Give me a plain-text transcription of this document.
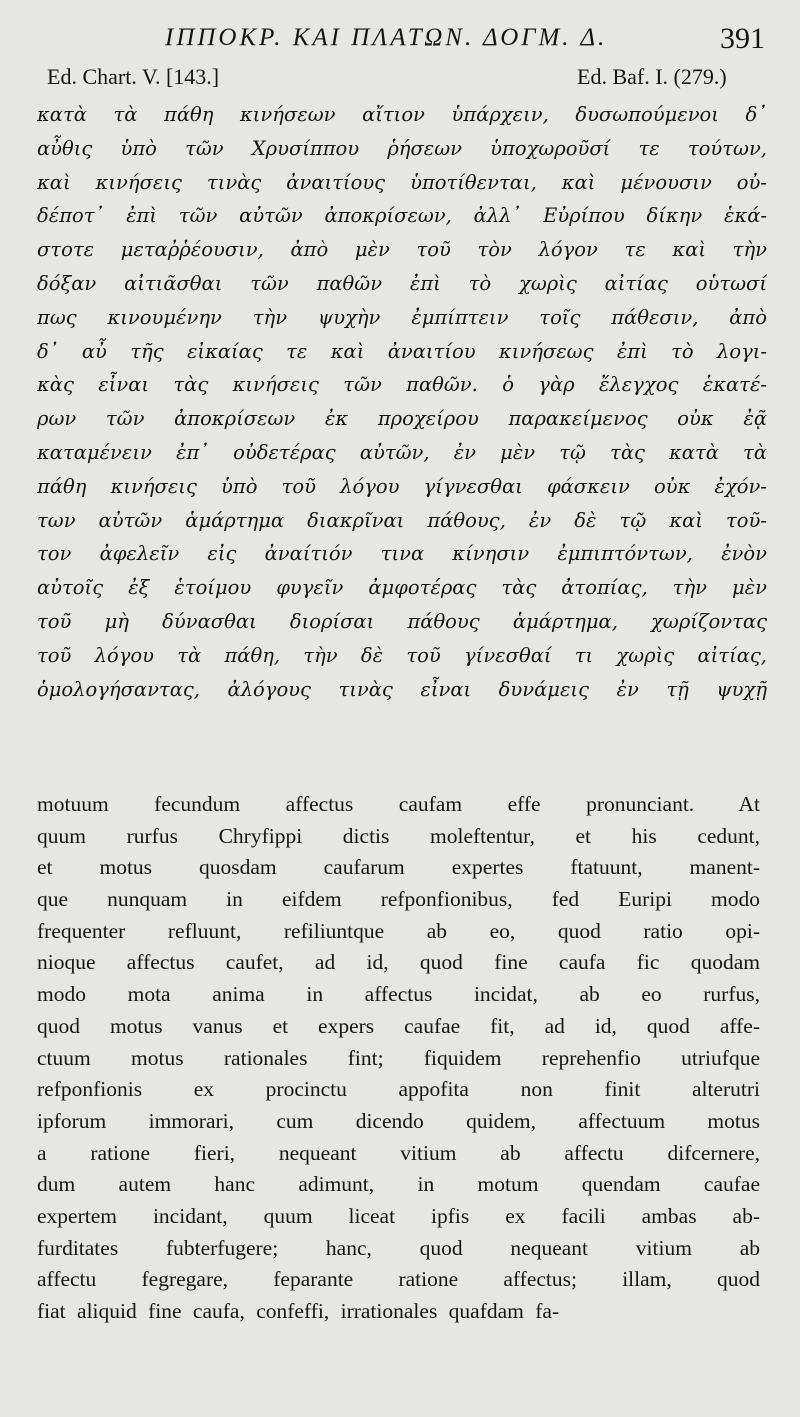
ΙΠΠΟΚΡ. ΚΑΙ ΠΛΑΤΩΝ. ΔΟΓΜ. Δ.	391
Ed. Chart. V. [143.]	Ed. Baf. I. (279.)
κατὰ τὰ πάθη κινήσεων αἴτιον ὑπάρχειν, δυσωπούμενοι δ᾽
αὖθις ὑπὸ τῶν Χρυσίππου ῥήσεων ὑποχωροῦσί τε τούτων,
καὶ κινήσεις τινὰς ἀναιτίους ὑποτίθενται, καὶ μένουσιν οὐ-
δέποτ᾽ ἐπὶ τῶν αὐτῶν ἀποκρίσεων, ἀλλ᾽ Εὐρίπου δίκην ἑκά-
στοτε μεταῤῥέουσιν, ἀπὸ μὲν τοῦ τὸν λόγον τε καὶ τὴν
δόξαν αἰτιᾶσθαι τῶν παθῶν ἐπὶ τὸ χωρὶς αἰτίας οὑτωσί
πως κινουμένην τὴν ψυχὴν ἐμπίπτειν τοῖς πάθεσιν, ἀπὸ
δ᾽ αὖ τῆς εἰκαίας τε καὶ ἀναιτίου κινήσεως ἐπὶ τὸ λογι-
κὰς εἶναι τὰς κινήσεις τῶν παθῶν. ὁ γὰρ ἔλεγχος ἑκατέ-
ρων τῶν ἀποκρίσεων ἐκ προχείρου παρακείμενος οὐκ ἐᾷ
καταμένειν ἐπ᾽ οὐδετέρας αὐτῶν, ἐν μὲν τῷ τὰς κατὰ τὰ
πάθη κινήσεις ὑπὸ τοῦ λόγου γίγνεσθαι φάσκειν οὐκ ἐχόν-
των αὐτῶν ἁμάρτημα διακρῖναι πάθους, ἐν δὲ τῷ καὶ τοῦ-
τον ἀφελεῖν εἰς ἀναίτιόν τινα κίνησιν ἐμπιπτόντων, ἐνὸν
αὐτοῖς ἐξ ἑτοίμου φυγεῖν ἀμφοτέρας τὰς ἀτοπίας, τὴν μὲν
τοῦ μὴ δύνασθαι διορίσαι πάθους ἁμάρτημα, χωρίζοντας
τοῦ λόγου τὰ πάθη, τὴν δὲ τοῦ γίνεσθαί τι χωρὶς αἰτίας,
ὁμολογήσαντας, ἀλόγους τινὰς εἶναι δυνάμεις ἐν τῇ ψυχῇ
motuum fecundum affectus caufam effe pronunciant. At
quum rurfus Chryfippi dictis moleftentur, et his cedunt,
et motus quosdam caufarum expertes ftatuunt, manent-
que nunquam in eifdem refponfionibus, fed Euripi modo
frequenter refluunt, refiliuntque ab eo, quod ratio opi-
nioque affectus caufet, ad id, quod fine caufa fic quodam
modo mota anima in affectus incidat, ab eo rurfus,
quod motus vanus et expers caufae fit, ad id, quod affe-
ctuum motus rationales fint; fiquidem reprehenfio utriufque
refponfionis ex procinctu appofita non finit alterutri
ipforum immorari, cum dicendo quidem, affectuum motus
a ratione fieri, nequeant vitium ab affectu difcernere,
dum autem hanc adimunt, in motum quendam caufae
expertem incidant, quum liceat ipfis ex facili ambas ab-
furditates fubterfugere; hanc, quod nequeant vitium ab
affectu fegregare, feparante ratione affectus; illam, quod
fiat aliquid fine caufa, confeffi, irrationales quafdam fa-
